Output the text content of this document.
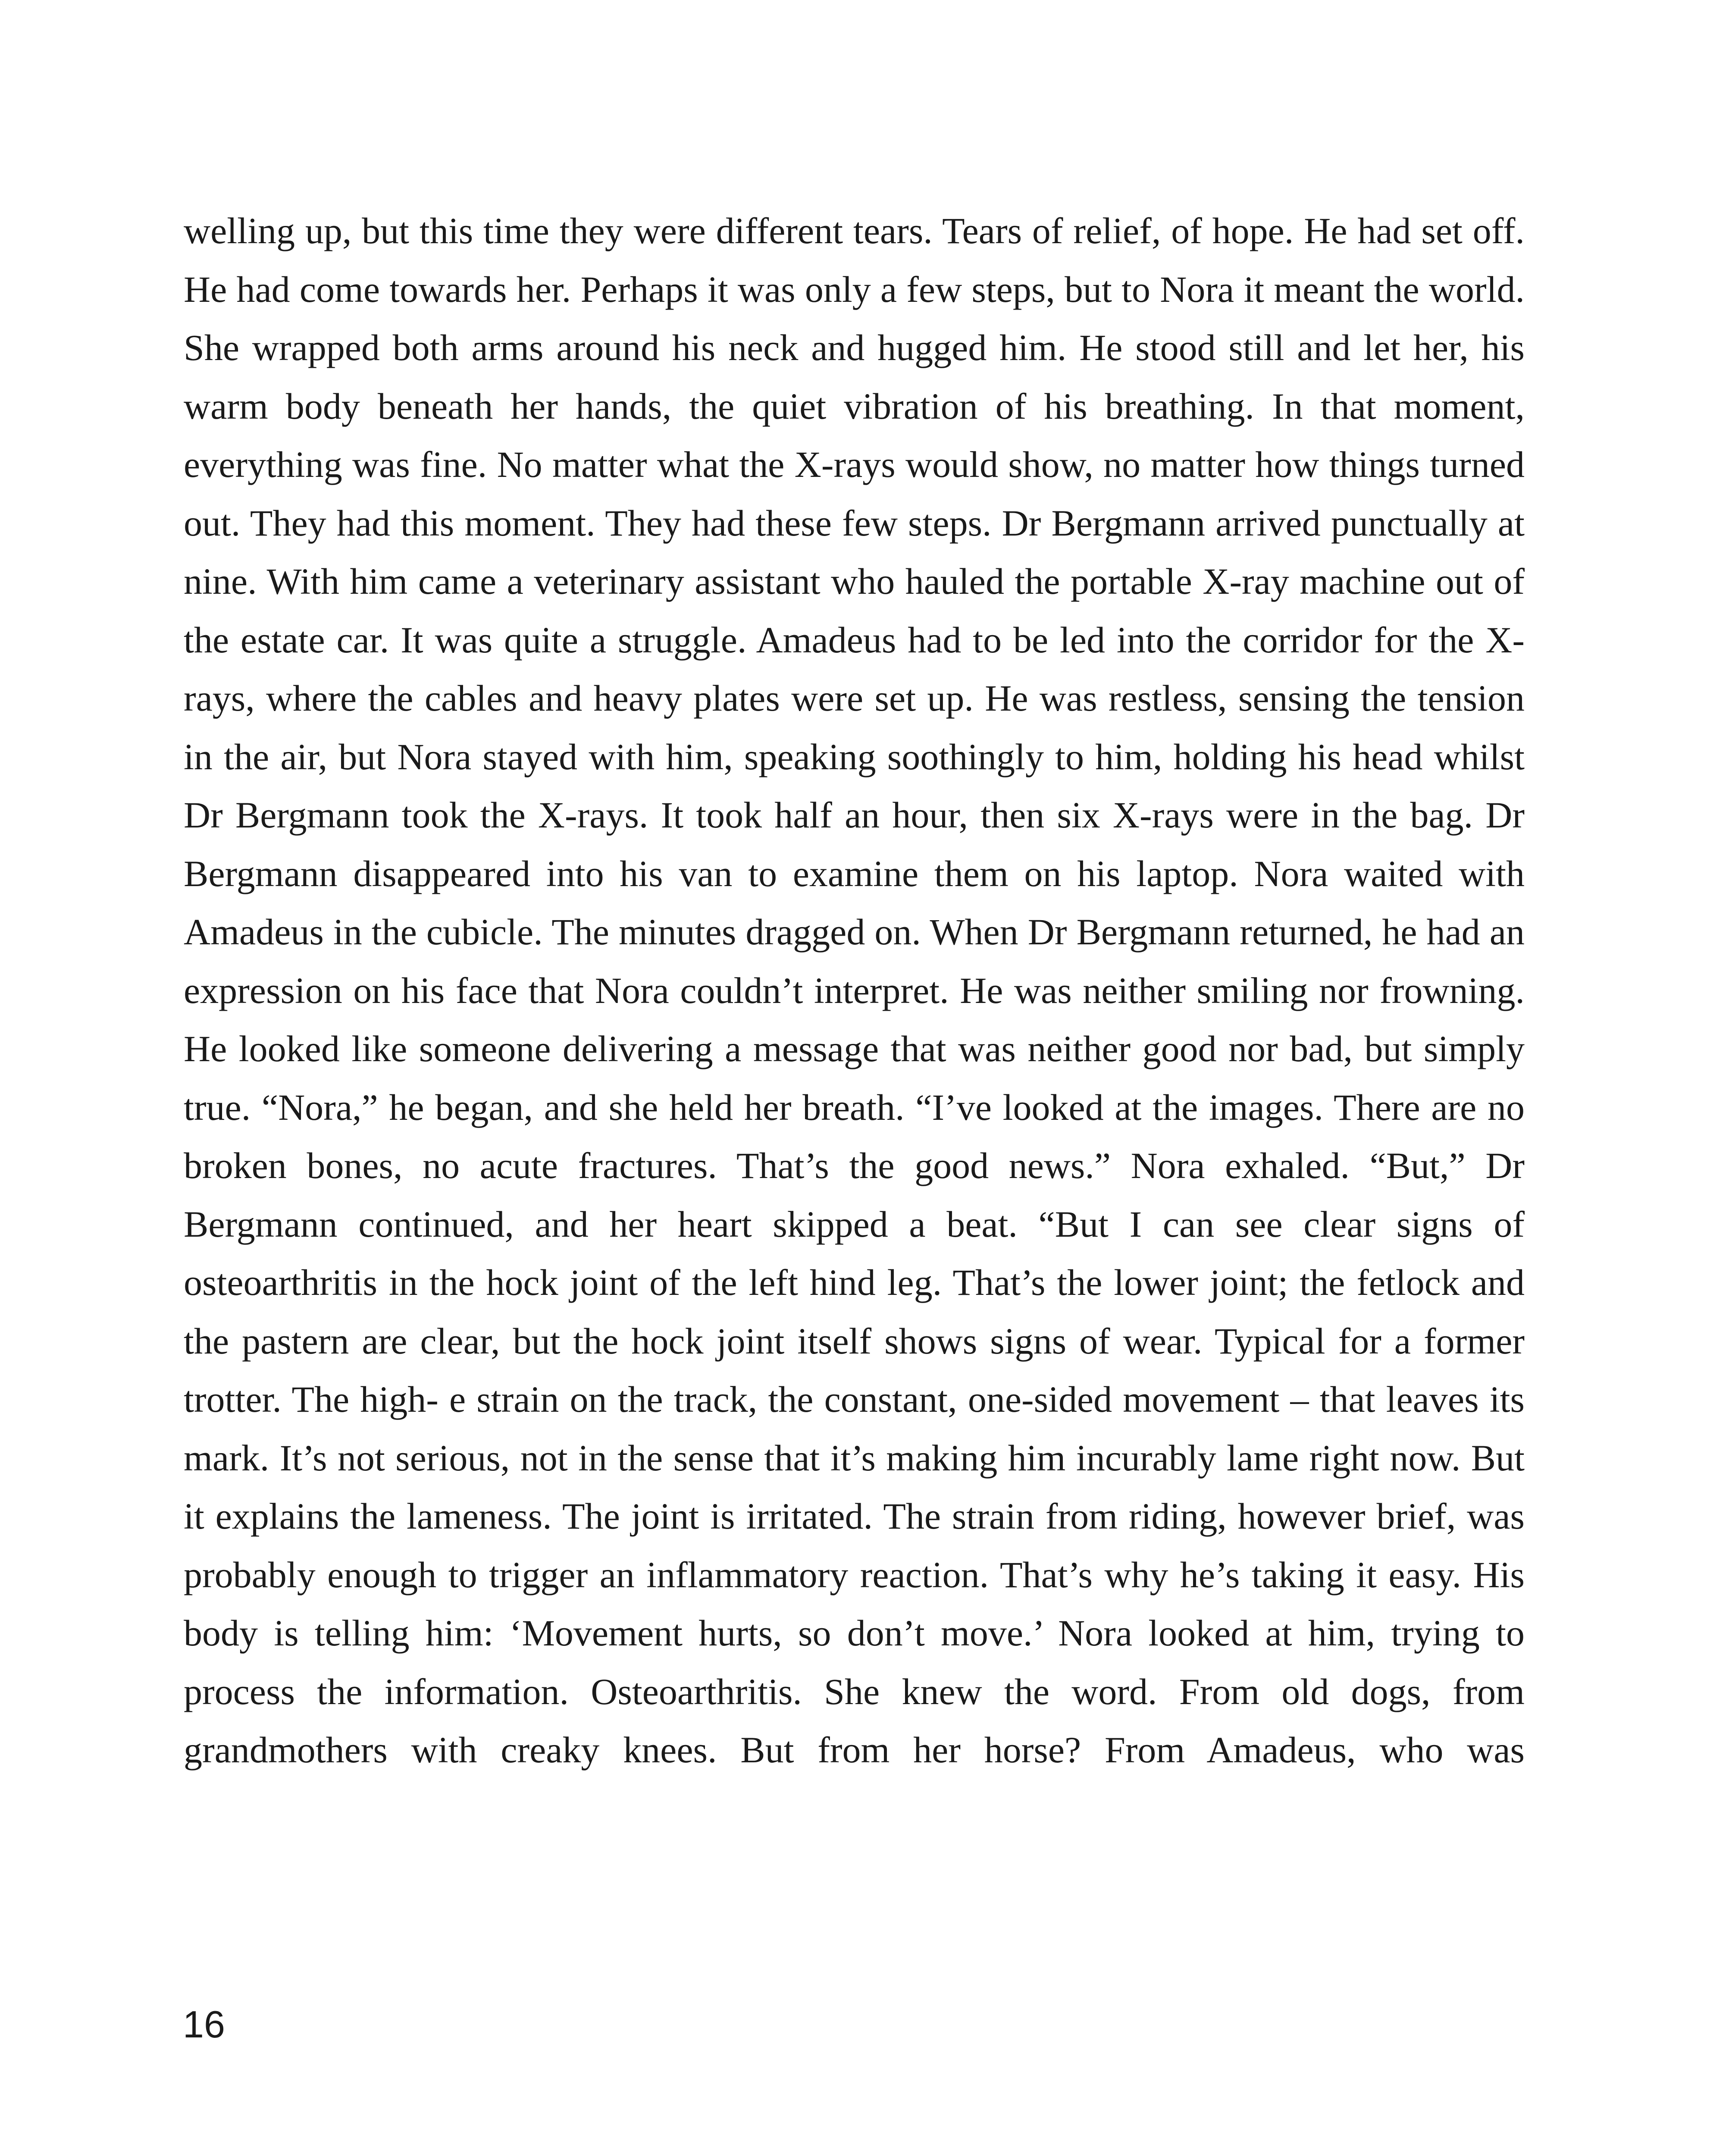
welling up, but this time they were different tears. Tears of relief, of hope. He had set off. He had come towards her. Perhaps it was only a few steps, but to Nora it meant the world. She wrapped both arms around his neck and hugged him. He stood still and let her, his warm body beneath her hands, the quiet vibration of his breathing. In that moment, everything was fine. No matter what the X-rays would show, no matter how things turned out. They had this moment. They had these few steps. Dr Bergmann arrived punctually at nine. With him came a veterinary assistant who hauled the portable X-ray machine out of the estate car. It was quite a struggle. Amadeus had to be led into the corridor for the X-rays, where the cables and heavy plates were set up. He was restless, sensing the tension in the air, but Nora stayed with him, speaking soothingly to him, holding his head whilst Dr Bergmann took the X-rays. It took half an hour, then six X-rays were in the bag. Dr Bergmann disappeared into his van to examine them on his laptop. Nora waited with Amadeus in the cubicle. The minutes dragged on. When Dr Bergmann returned, he had an expression on his face that Nora couldn’t interpret. He was neither smiling nor frowning. He looked like someone delivering a message that was neither good nor bad, but simply true. “Nora,” he began, and she held her breath. “I’ve looked at the images. There are no broken bones, no acute fractures. That’s the good news.” Nora exhaled. “But,” Dr Bergmann continued, and her heart skipped a beat. “But I can see clear signs of osteoarthritis in the hock joint of the left hind leg. That’s the lower joint; the fetlock and the pastern are clear, but the hock joint itself shows signs of wear. Typical for a former trotter. The high- e strain on the track, the constant, one-sided movement – that leaves its mark. It’s not serious, not in the sense that it’s making him incurably lame right now. But it explains the lameness. The joint is irritated. The strain from riding, however brief, was probably enough to trigger an inflammatory reaction. That’s why he’s taking it easy. His body is telling him: ‘Movement hurts, so don’t move.’ Nora looked at him, trying to process the information. Osteoarthritis. She knew the word. From old dogs, from grandmothers with creaky knees. But from her horse? From Amadeus, who was

16
